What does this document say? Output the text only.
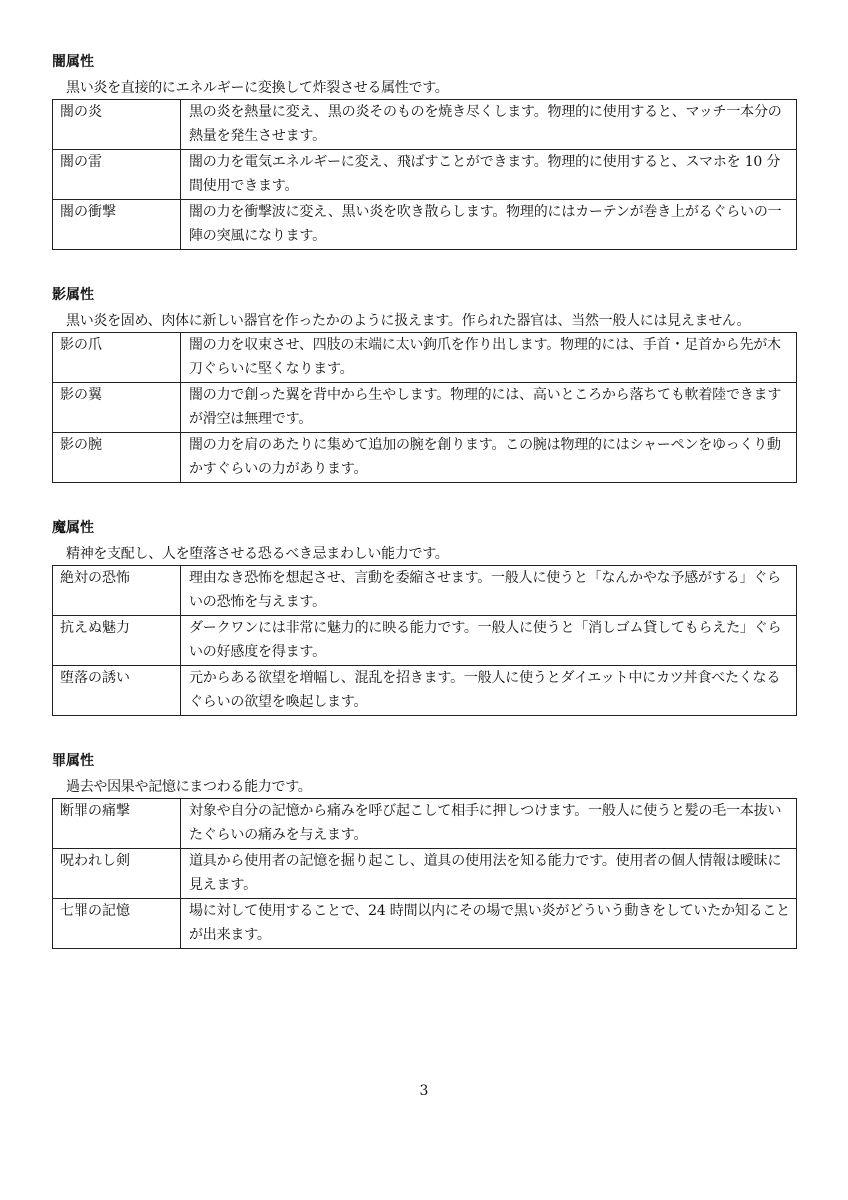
闇属性
黒い炎を直接的にエネルギーに変換して炸裂させる属性です。
闇の炎	黒の炎を熱量に変え、黒の炎そのものを焼き尽くします。物理的に使用すると、マッチ一本分の熱量を発生させます。
闇の雷	闇の力を電気エネルギーに変え、飛ばすことができます。物理的に使用すると、スマホを 10 分間使用できます。
闇の衝撃	闇の力を衝撃波に変え、黒い炎を吹き散らします。物理的にはカーテンが巻き上がるぐらいの一陣の突風になります。
影属性
黒い炎を固め、肉体に新しい器官を作ったかのように扱えます。作られた器官は、当然一般人には見えません。
影の爪	闇の力を収束させ、四肢の末端に太い鉤爪を作り出します。物理的には、手首・足首から先が木刀ぐらいに堅くなります。
影の翼	闇の力で創った翼を背中から生やします。物理的には、高いところから落ちても軟着陸できますが滑空は無理です。
影の腕	闇の力を肩のあたりに集めて追加の腕を創ります。この腕は物理的にはシャーペンをゆっくり動かすぐらいの力があります。
魔属性
精神を支配し、人を堕落させる恐るべき忌まわしい能力です。
絶対の恐怖	理由なき恐怖を想起させ、言動を委縮させます。一般人に使うと「なんかやな予感がする」ぐらいの恐怖を与えます。
抗えぬ魅力	ダークワンには非常に魅力的に映る能力です。一般人に使うと「消しゴム貸してもらえた」ぐらいの好感度を得ます。
堕落の誘い	元からある欲望を増幅し、混乱を招きます。一般人に使うとダイエット中にカツ丼食べたくなるぐらいの欲望を喚起します。
罪属性
過去や因果や記憶にまつわる能力です。
断罪の痛撃	対象や自分の記憶から痛みを呼び起こして相手に押しつけます。一般人に使うと髪の毛一本抜いたぐらいの痛みを与えます。
呪われし剣	道具から使用者の記憶を掘り起こし、道具の使用法を知る能力です。使用者の個人情報は曖昧に見えます。
七罪の記憶	場に対して使用することで、24 時間以内にその場で黒い炎がどういう動きをしていたか知ることが出来ます。
3
